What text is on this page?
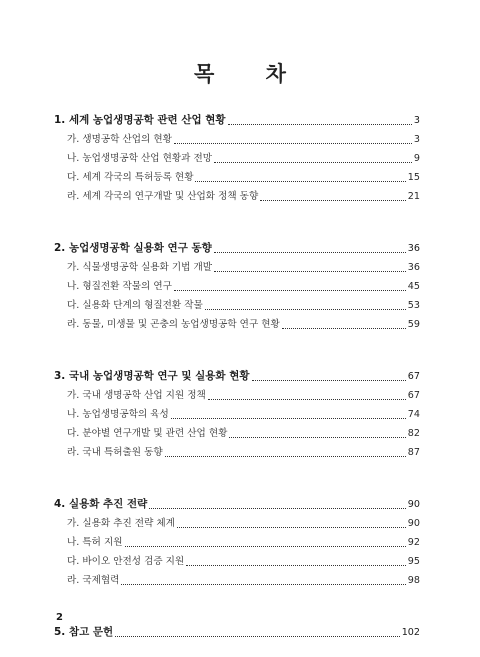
목 차
1. 세계 농업생명공학 관련 산업 현황	3
가. 생명공학 산업의 현황	3
나. 농업생명공학 산업 현황과 전망	9
다. 세계 각국의 특허등록 현황	15
라. 세계 각국의 연구개발 및 산업화 정책 동향	21
2. 농업생명공학 실용화 연구 동향	36
가. 식물생명공학 실용화 기법 개발	36
나. 형질전환 작물의 연구	45
다. 실용화 단계의 형질전환 작물	53
라. 동물, 미생물 및 곤충의 농업생명공학 연구 현황	59
3. 국내 농업생명공학 연구 및 실용화 현황	67
가. 국내 생명공학 산업 지원 정책	67
나. 농업생명공학의 육성	74
다. 분야별 연구개발 및 관련 산업 현황	82
라. 국내 특허출원 동향	87
4. 실용화 추진 전략	90
가. 실용화 추진 전략 체계	90
나. 특허 지원	92
다. 바이오 안전성 검증 지원	95
라. 국제협력	98
5. 참고 문헌	102
2
